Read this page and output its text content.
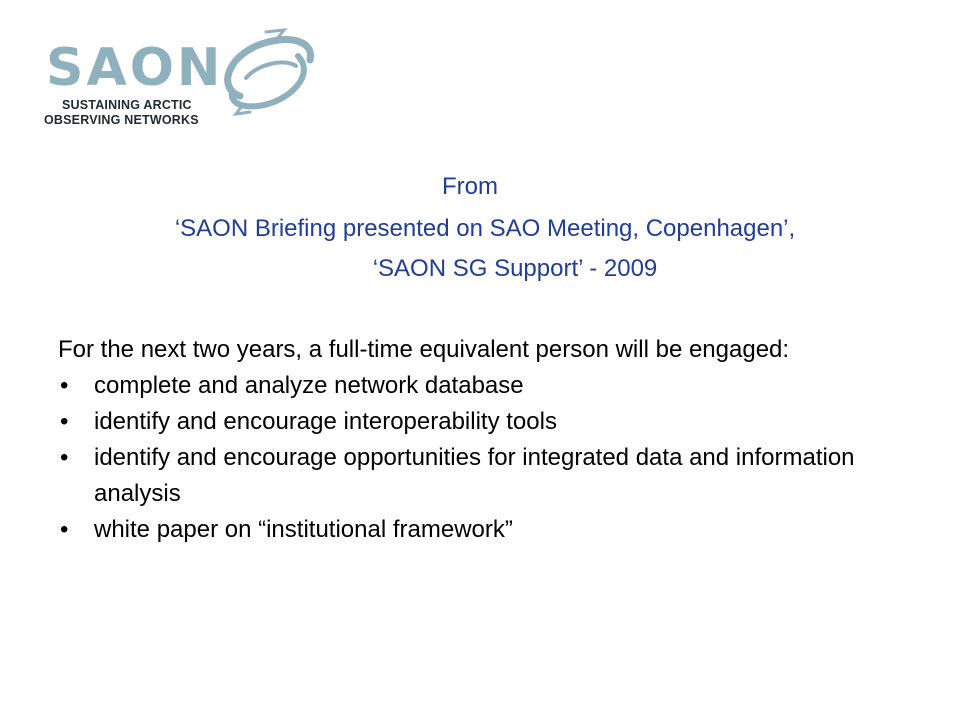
SAON
SUSTAINING ARCTIC
OBSERVING NETWORKS
From
‘SAON Briefing presented on SAO Meeting, Copenhagen’,
‘SAON SG Support’ - 2009

For the next two years, a full-time equivalent person will be engaged:

• complete and analyze network database
• identify and encourage interoperability tools
• identify and encourage opportunities for integrated data and information analysis
• white paper on “institutional framework”
